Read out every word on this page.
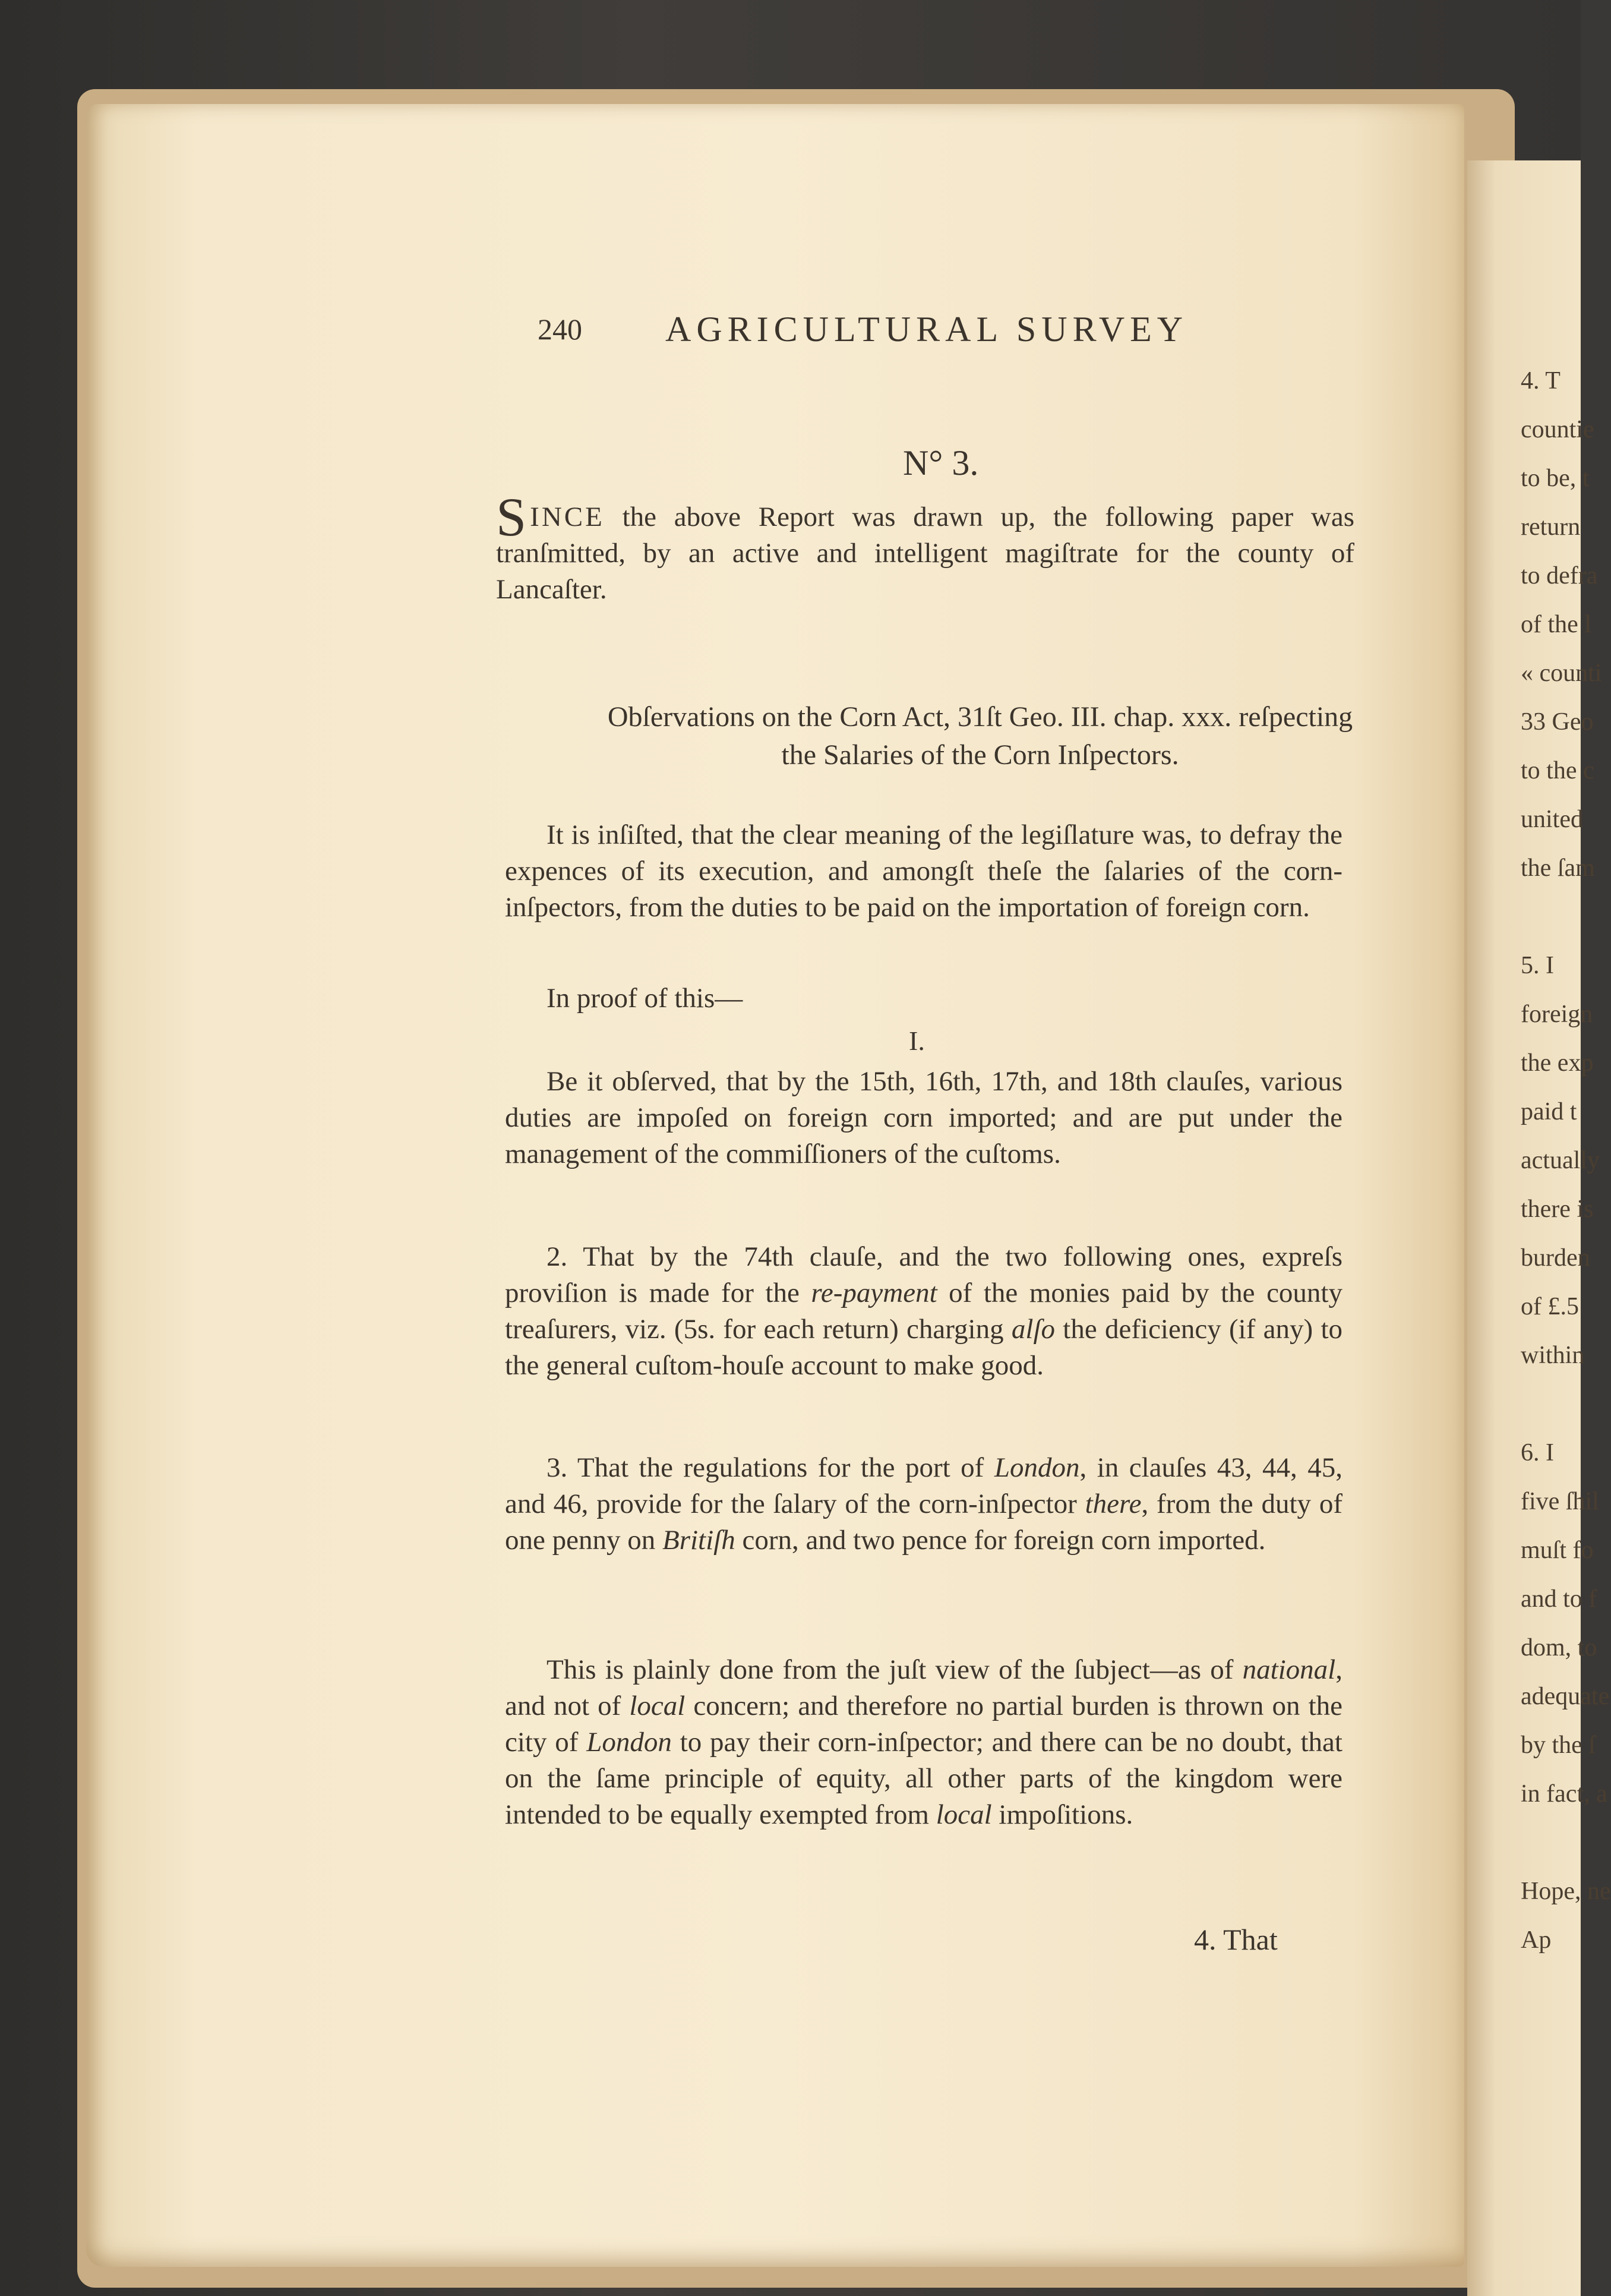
4. T
countie
to be, t
return
to defra
of the l
« counti
33 Geo
to the c
united
the ſam

5. I
foreign
the exp
paid t
actually
there is
burden
of £.5
within

6. I
five ſhil
muſt fo
and to f
dom, to
adequate
by the ſ
in fact, a

Hope, ne
Ap
240 AGRICULTURAL SURVEY
N° 3.
SINCE the above Report was drawn up, the following paper was tranſmitted, by an active and intelligent magiſtrate for the county of Lancaſter.
Obſervations on the Corn Act, 31ſt Geo. III. chap. xxx. reſpecting the Salaries of the Corn Inſpectors.
It is inſiſted, that the clear meaning of the legiſlature was, to defray the expences of its execution, and amongſt theſe the ſalaries of the corn-inſpectors, from the duties to be paid on the importation of foreign corn.
In proof of this—
I.
Be it obſerved, that by the 15th, 16th, 17th, and 18th clauſes, various duties are impoſed on foreign corn imported; and are put under the management of the commiſſioners of the cuſtoms.
2. That by the 74th clauſe, and the two following ones, expreſs proviſion is made for the re-payment of the monies paid by the county treaſurers, viz. (5s. for each return) charging alſo the deficiency (if any) to the general cuſtom-houſe account to make good.
3. That the regulations for the port of London, in clauſes 43, 44, 45, and 46, provide for the ſalary of the corn-inſpector there, from the duty of one penny on Britiſh corn, and two pence for foreign corn imported.
This is plainly done from the juſt view of the ſubject—as of national, and not of local concern; and therefore no partial burden is thrown on the city of London to pay their corn-inſpector; and there can be no doubt, that on the ſame principle of equity, all other parts of the kingdom were intended to be equally exempted from local impoſitions.
4. That
